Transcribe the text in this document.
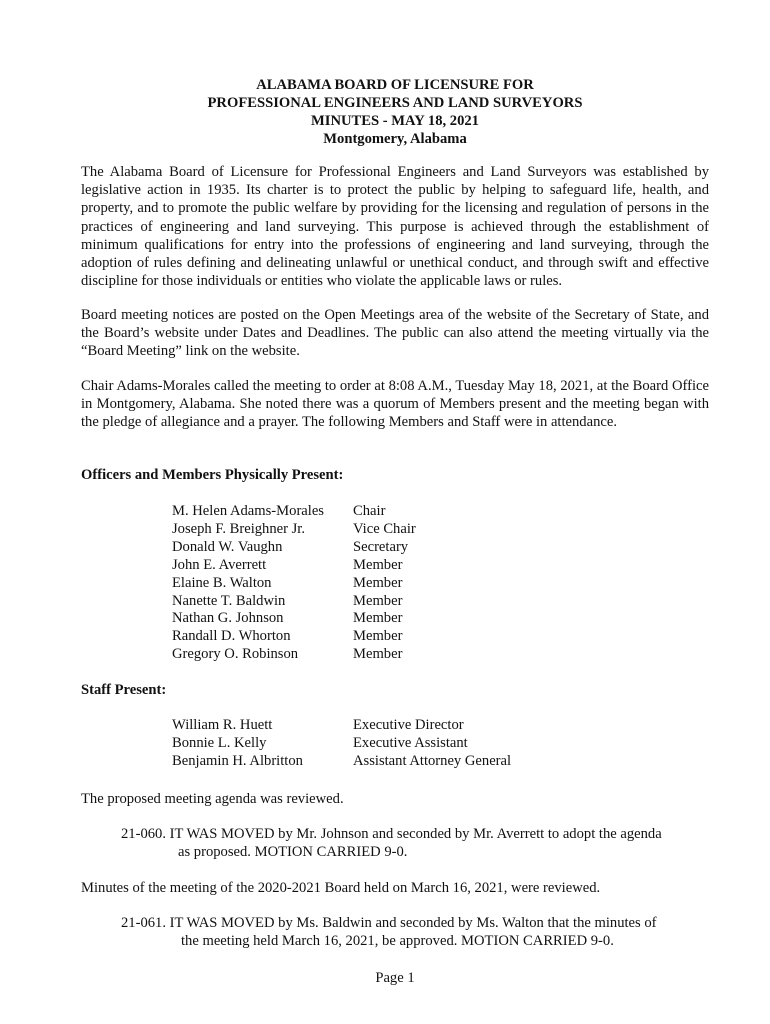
ALABAMA BOARD OF LICENSURE FOR
PROFESSIONAL ENGINEERS AND LAND SURVEYORS
MINUTES - MAY 18, 2021
Montgomery, Alabama
The Alabama Board of Licensure for Professional Engineers and Land Surveyors was established by legislative action in 1935. Its charter is to protect the public by helping to safeguard life, health, and property, and to promote the public welfare by providing for the licensing and regulation of persons in the practices of engineering and land surveying. This purpose is achieved through the establishment of minimum qualifications for entry into the professions of engineering and land surveying, through the adoption of rules defining and delineating unlawful or unethical conduct, and through swift and effective discipline for those individuals or entities who violate the applicable laws or rules.
Board meeting notices are posted on the Open Meetings area of the website of the Secretary of State, and the Board’s website under Dates and Deadlines. The public can also attend the meeting virtually via the “Board Meeting” link on the website.
Chair Adams-Morales called the meeting to order at 8:08 A.M., Tuesday May 18, 2021, at the Board Office in Montgomery, Alabama. She noted there was a quorum of Members present and the meeting began with the pledge of allegiance and a prayer. The following Members and Staff were in attendance.
Officers and Members Physically Present:
M. Helen Adams-Morales	Chair
Joseph F. Breighner Jr.	Vice Chair
Donald W. Vaughn	Secretary
John E. Averrett	Member
Elaine B. Walton	Member
Nanette T. Baldwin	Member
Nathan G. Johnson	Member
Randall D. Whorton	Member
Gregory O. Robinson	Member
Staff Present:
William R. Huett	Executive Director
Bonnie L. Kelly	Executive Assistant
Benjamin H. Albritton	Assistant Attorney General
The proposed meeting agenda was reviewed.
21-060. IT WAS MOVED by Mr. Johnson and seconded by Mr. Averrett to adopt the agenda
as proposed. MOTION CARRIED 9-0.
Minutes of the meeting of the 2020-2021 Board held on March 16, 2021, were reviewed.
21-061. IT WAS MOVED by Ms. Baldwin and seconded by Ms. Walton that the minutes of
the meeting held March 16, 2021, be approved. MOTION CARRIED 9-0.
Page 1
